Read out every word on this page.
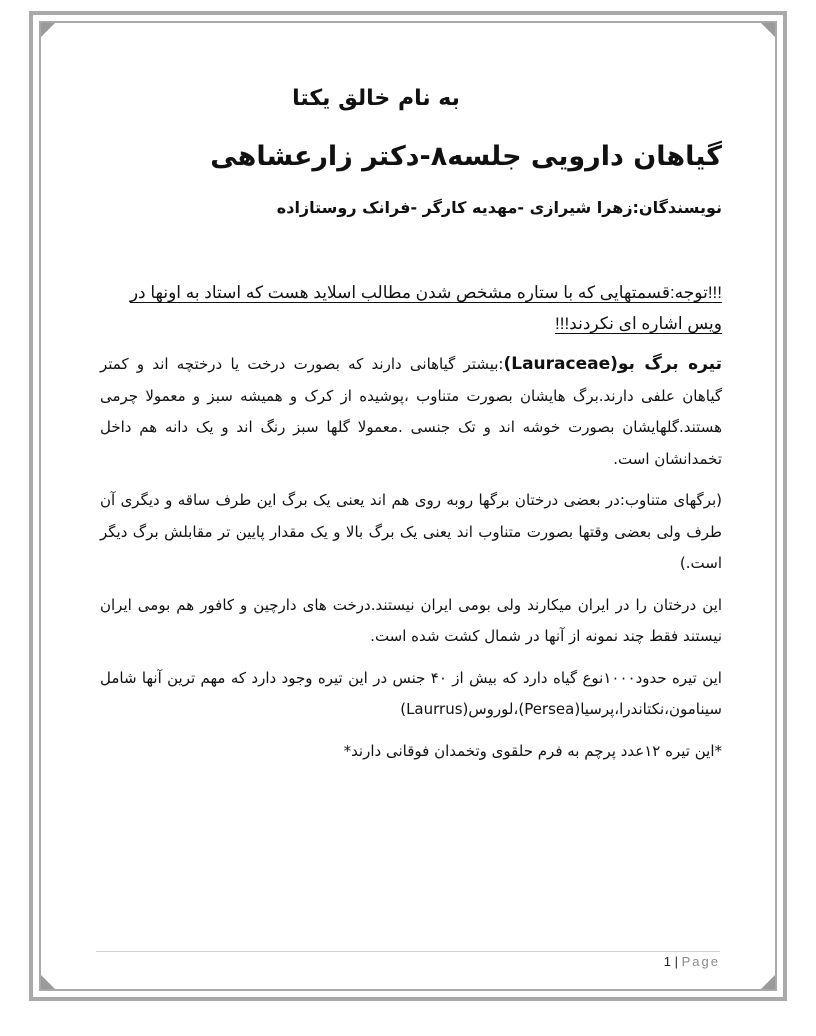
به نام خالق یکتا

گیاهان دارویی جلسه۸-دکتر زارعشاهی

نویسندگان:زهرا شیرازی -مهدیه کارگر -فرانک روستازاده

!!!توجه:قسمتهایی که با ستاره مشخص شدن مطالب اسلاید هست که استاد به اونها در ویس اشاره ای نکردند!!!

تیره برگ بو(Lauraceae):بیشتر گیاهانی دارند که بصورت درخت یا درختچه اند و کمتر گیاهان علفی دارند.برگ هایشان بصورت متناوب ،پوشیده از کرک و همیشه سبز و معمولا چرمی هستند.گلهایشان بصورت خوشه اند و تک جنسی .معمولا گلها سبز رنگ اند و یک دانه هم داخل تخمدانشان است.

(برگهای متناوب:در بعضی درختان برگها روبه روی هم اند یعنی یک برگ این طرف ساقه و دیگری آن طرف ولی بعضی وقتها بصورت متناوب اند یعنی یک برگ بالا و یک مقدار پایین تر مقابلش برگ دیگر است.)

این درختان را در ایران میکارند ولی بومی ایران نیستند.درخت های دارچین و کافور هم بومی ایران نیستند فقط چند نمونه از آنها در شمال کشت شده است.

این تیره حدود۱۰۰۰نوع گیاه دارد که بیش از ۴۰ جنس در این تیره وجود دارد که مهم ترین آنها شامل سینامون،نکتاندرا،پرسیا(Persea)،لوروس(Laurrus)

*این تیره ۱۲عدد پرچم به فرم حلقوی وتخمدان فوقانی دارند*

1 | Page
